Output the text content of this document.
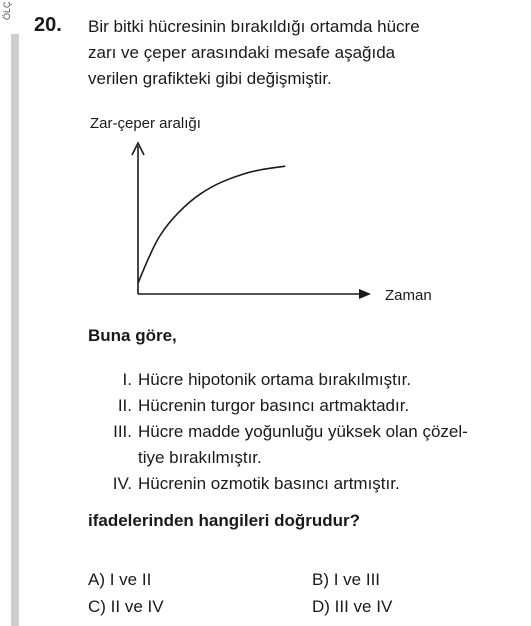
ÖLÇ
20. Bir bitki hücresinin bırakıldığı ortamda hücre
zarı ve çeper arasındaki mesafe aşağıda
verilen grafikteki gibi değişmiştir.
Zar-çeper aralığı
Zaman
Buna göre,
I. Hücre hipotonik ortama bırakılmıştır.
II. Hücrenin turgor basıncı artmaktadır.
III. Hücre madde yoğunluğu yüksek olan çözel-
tiye bırakılmıştır.
IV. Hücrenin ozmotik basıncı artmıştır.
ifadelerinden hangileri doğrudur?
A) I ve II	B) I ve III
C) II ve IV	D) III ve IV
